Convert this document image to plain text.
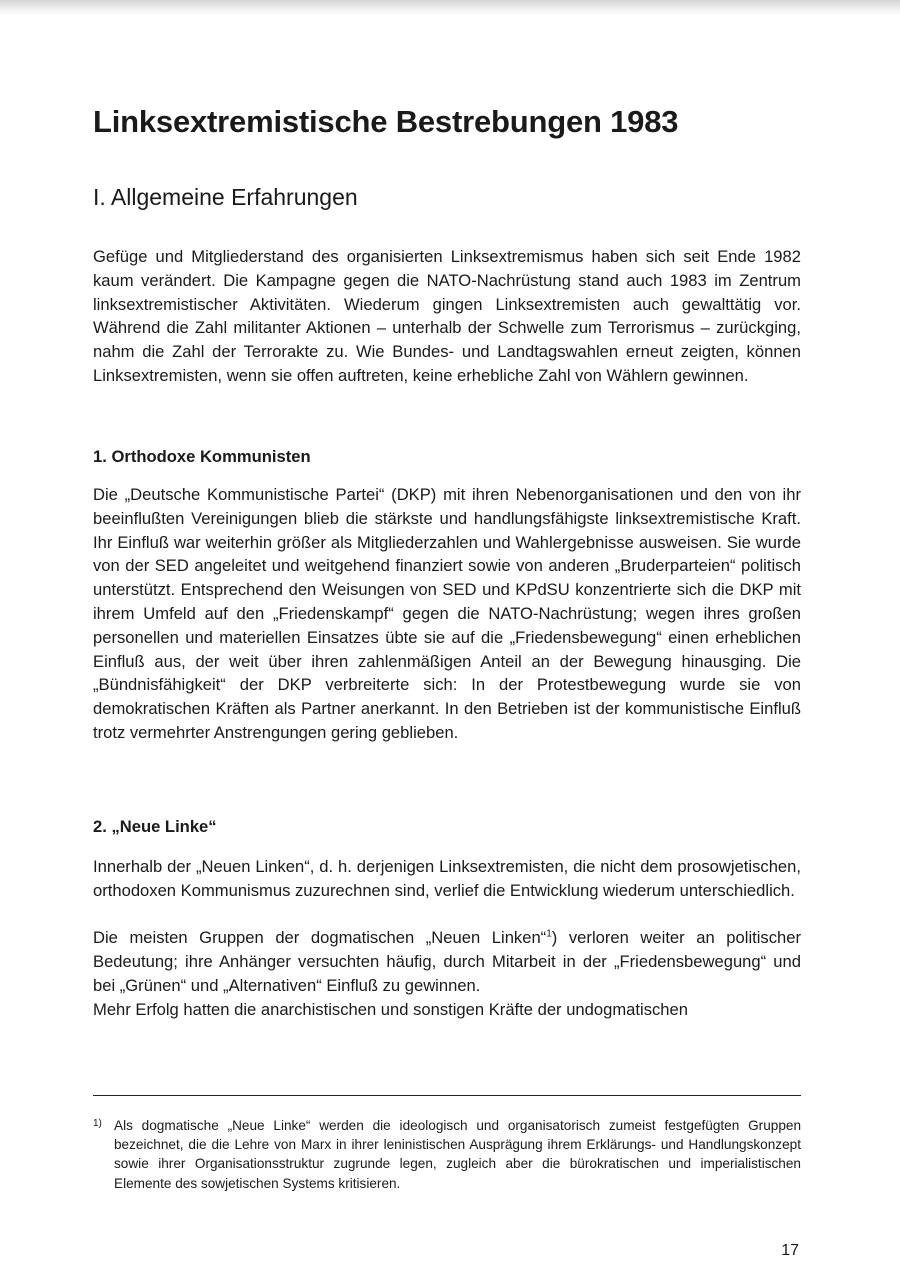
Linksextremistische Bestrebungen 1983
I. Allgemeine Erfahrungen

Gefüge und Mitgliederstand des organisierten Linksextremismus haben sich seit Ende 1982 kaum verändert. Die Kampagne gegen die NATO-Nachrüstung stand auch 1983 im Zentrum linksextremistischer Aktivitäten. Wiederum gingen Linksextremisten auch gewalttätig vor. Während die Zahl militanter Aktionen – unterhalb der Schwelle zum Terrorismus – zurückging, nahm die Zahl der Terrorakte zu. Wie Bundes- und Landtagswahlen erneut zeigten, können Linksextremisten, wenn sie offen auftreten, keine erhebliche Zahl von Wählern gewinnen.

1. Orthodoxe Kommunisten

Die „Deutsche Kommunistische Partei“ (DKP) mit ihren Nebenorganisationen und den von ihr beeinflußten Vereinigungen blieb die stärkste und handlungsfähigste linksextremistische Kraft. Ihr Einfluß war weiterhin größer als Mitgliederzahlen und Wahlergebnisse ausweisen. Sie wurde von der SED angeleitet und weitgehend finanziert sowie von anderen „Bruderparteien“ politisch unterstützt. Entsprechend den Weisungen von SED und KPdSU konzentrierte sich die DKP mit ihrem Umfeld auf den „Friedenskampf“ gegen die NATO-Nachrüstung; wegen ihres großen personellen und materiellen Einsatzes übte sie auf die „Friedensbewegung“ einen erheblichen Einfluß aus, der weit über ihren zahlenmäßigen Anteil an der Bewegung hinausging. Die „Bündnisfähigkeit“ der DKP verbreiterte sich: In der Protestbewegung wurde sie von demokratischen Kräften als Partner anerkannt. In den Betrieben ist der kommunistische Einfluß trotz vermehrter Anstrengungen gering geblieben.

2. „Neue Linke“

Innerhalb der „Neuen Linken“, d. h. derjenigen Linksextremisten, die nicht dem prosowjetischen, orthodoxen Kommunismus zuzurechnen sind, verlief die Entwicklung wiederum unterschiedlich.

Die meisten Gruppen der dogmatischen „Neuen Linken“$^1$) verloren weiter an politischer Bedeutung; ihre Anhänger versuchten häufig, durch Mitarbeit in der „Friedensbewegung“ und bei „Grünen“ und „Alternativen“ Einfluß zu gewinnen.

Mehr Erfolg hatten die anarchistischen und sonstigen Kräfte der undogmatischen

1) Als dogmatische „Neue Linke“ werden die ideologisch und organisatorisch zumeist festgefügten Gruppen bezeichnet, die die Lehre von Marx in ihrer leninistischen Ausprägung ihrem Erklärungs- und Handlungskonzept sowie ihrer Organisationsstruktur zugrunde legen, zugleich aber die bürokratischen und imperialistischen Elemente des sowjetischen Systems kritisieren.

17
